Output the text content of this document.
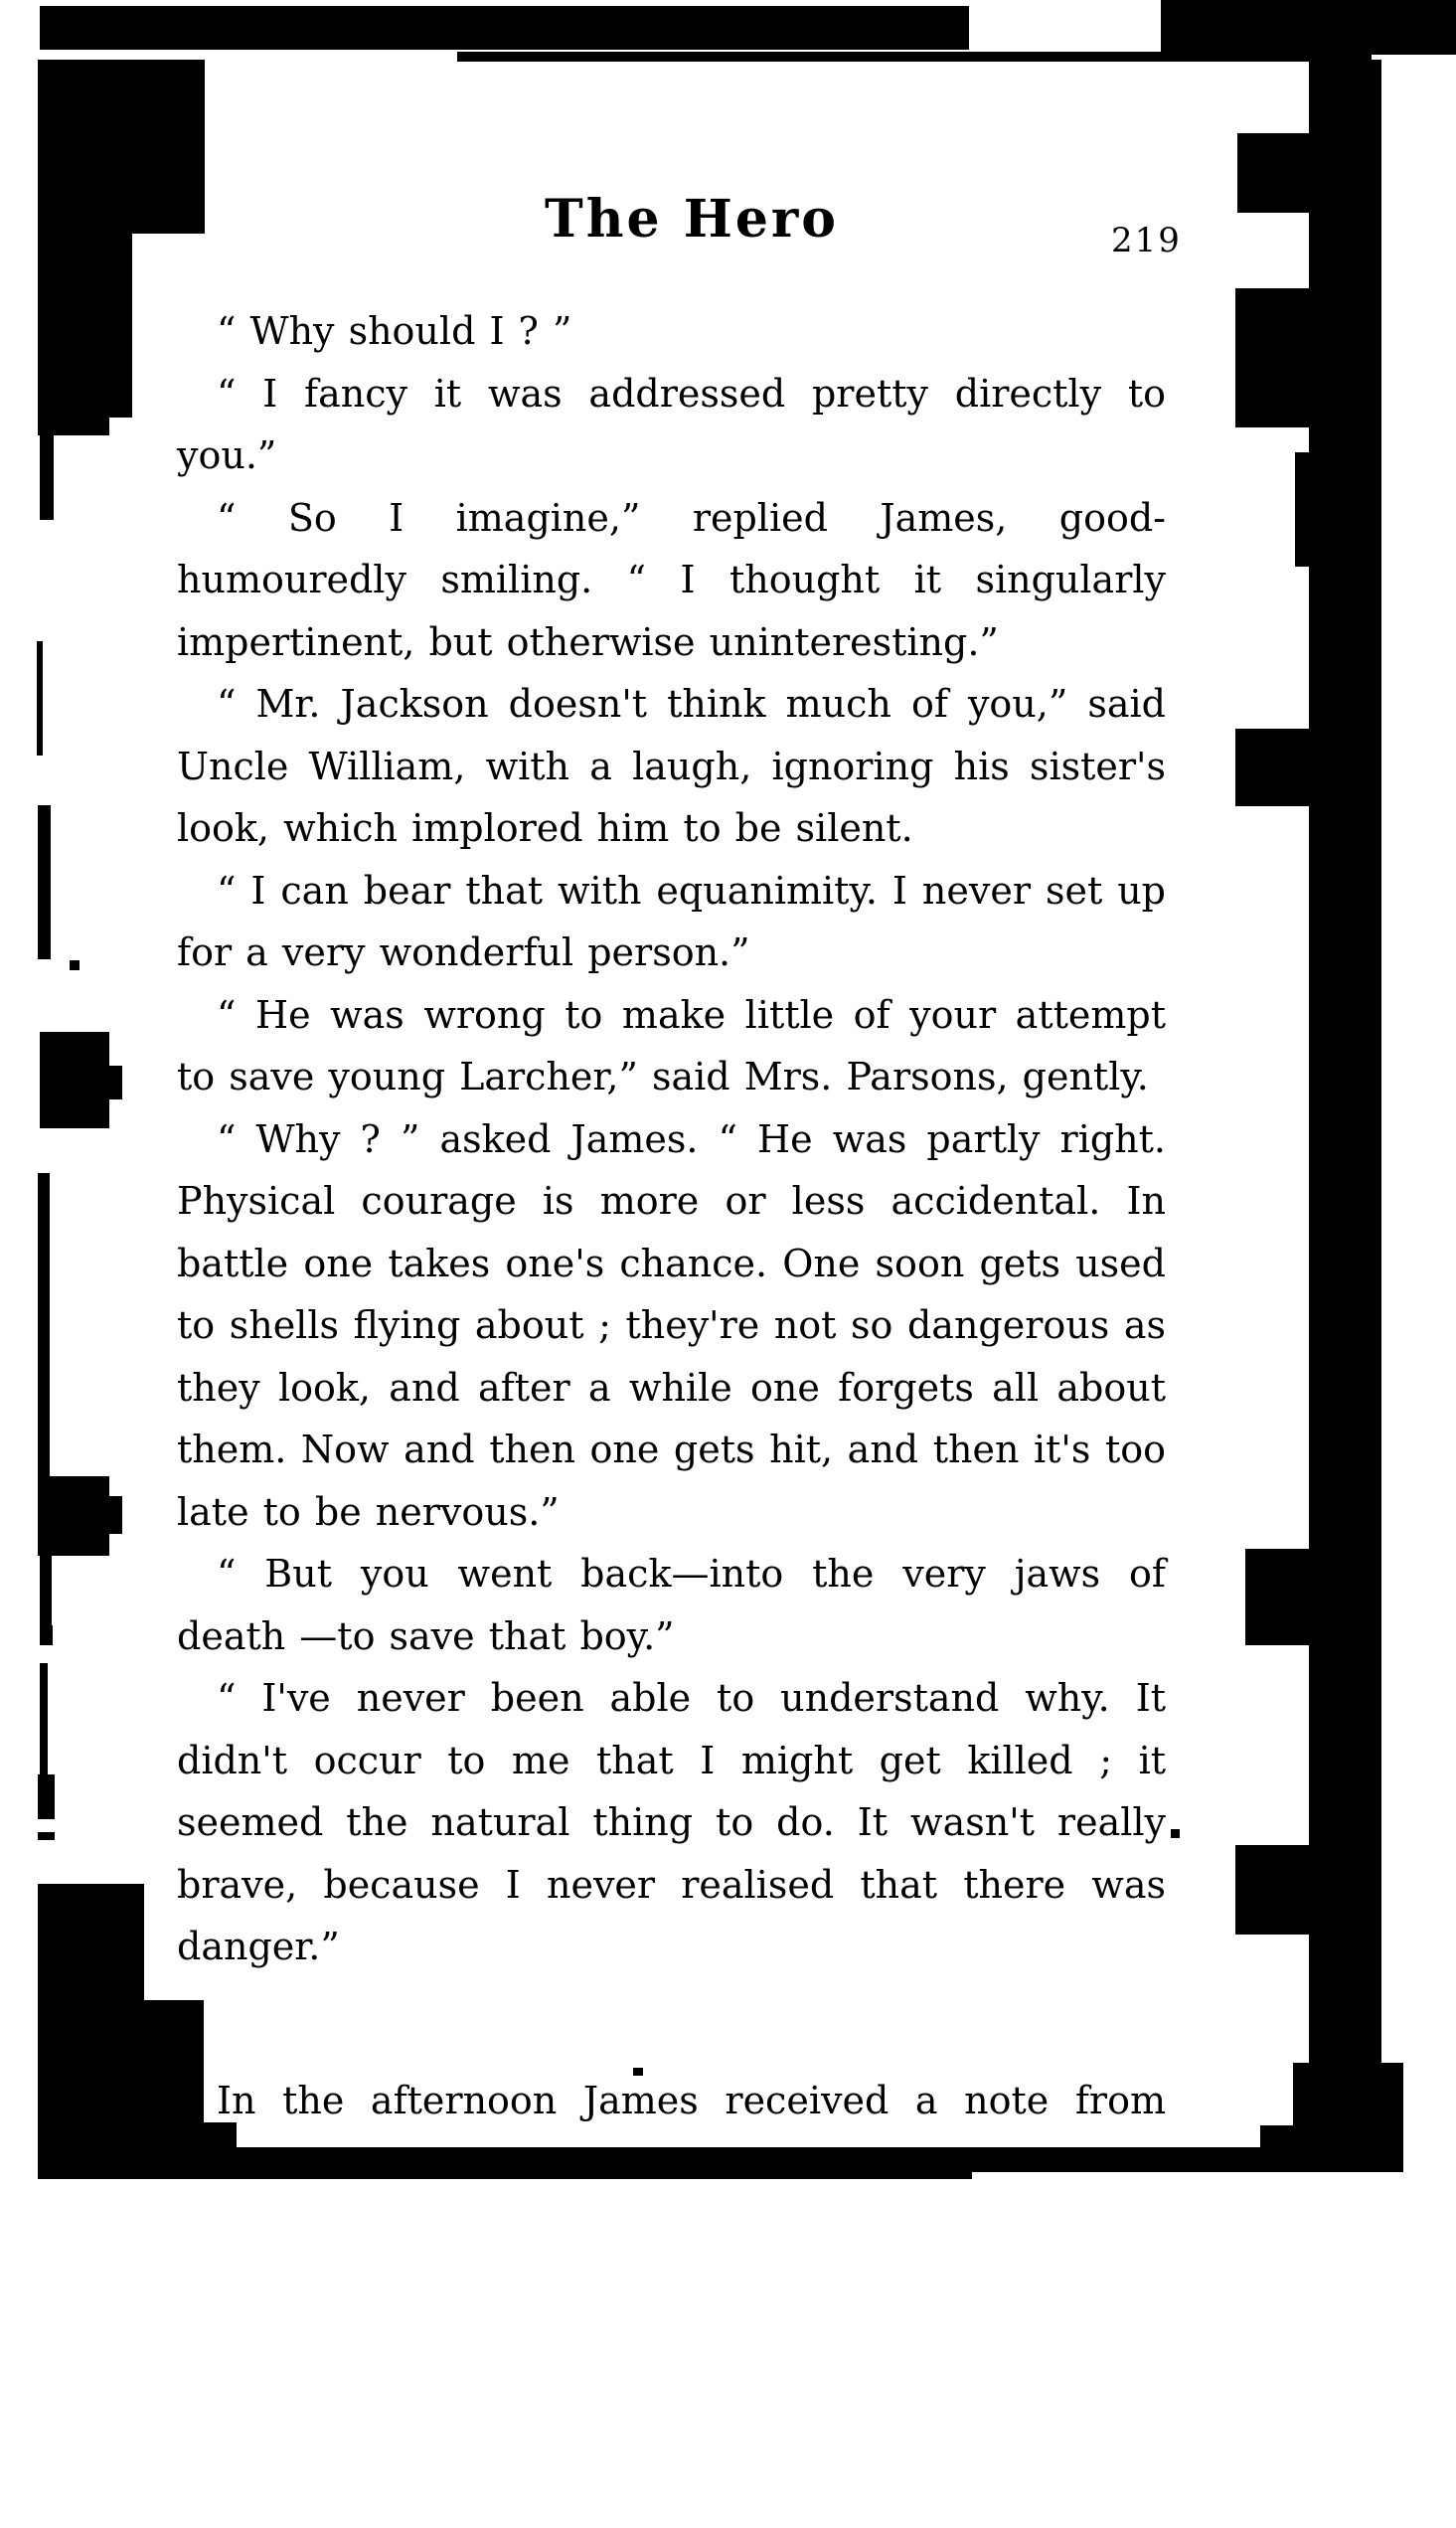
The Hero	219

“ Why should I ? ”

“ I fancy it was addressed pretty directly to you.”

“ So I imagine,” replied James, good-humouredly smiling. “ I thought it singularly impertinent, but otherwise uninteresting.”

“ Mr. Jackson doesn't think much of you,” said Uncle William, with a laugh, ignoring his sister's look, which implored him to be silent.

“ I can bear that with equanimity. I never set up for a very wonderful person.”

“ He was wrong to make little of your attempt to save young Larcher,” said Mrs. Parsons, gently.

“ Why ? ” asked James. “ He was partly right. Physical courage is more or less accidental. In battle one takes one's chance. One soon gets used to shells flying about ; they're not so dangerous as they look, and after a while one forgets all about them. Now and then one gets hit, and then it's too late to be nervous.”

“ But you went back—into the very jaws of death —to save that boy.”

“ I've never been able to understand why. It didn't occur to me that I might get killed ; it seemed the natural thing to do. It wasn't really brave, because I never realised that there was danger.”

In the afternoon James received a note from Mrs.
